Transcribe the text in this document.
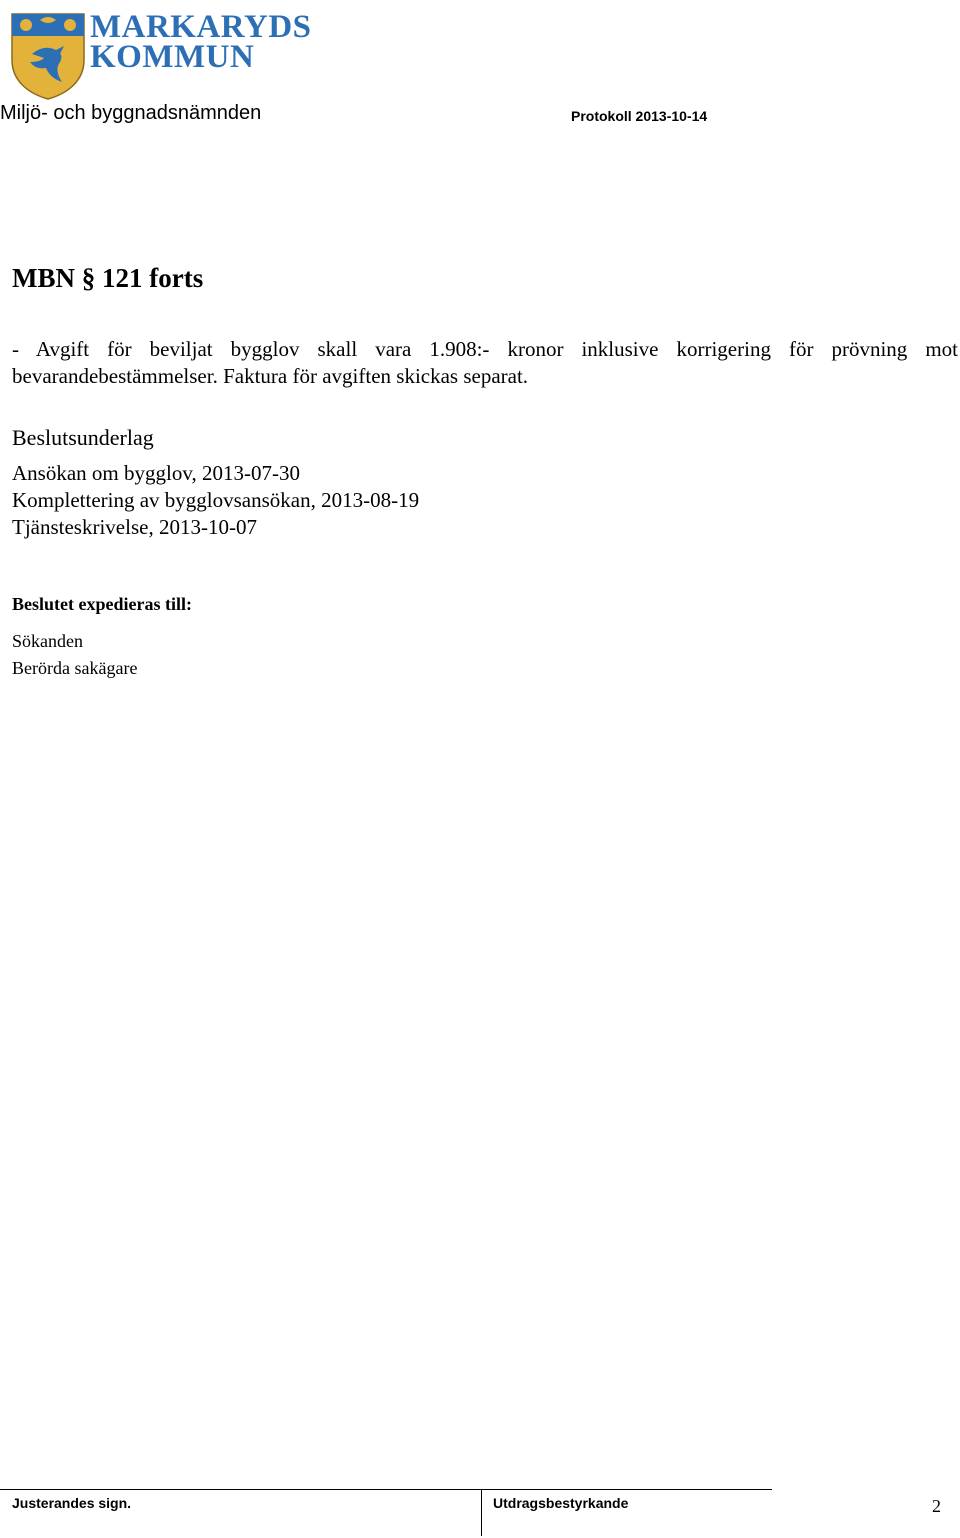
MARKARYDS
KOMMUN
Miljö- och byggnadsnämnden	Protokoll 2013-10-14
MBN § 121 forts

- Avgift för beviljat bygglov skall vara 1.908:- kronor inklusive korrigering för prövning mot
bevarandebestämmelser. Faktura för avgiften skickas separat.

Beslutsunderlag
Ansökan om bygglov, 2013-07-30
Komplettering av bygglovsansökan, 2013-08-19
Tjänsteskrivelse, 2013-10-07
Beslutet expedieras till:
Sökanden
Berörda sakägare
Justerandes sign.	Utdragsbestyrkande	2
